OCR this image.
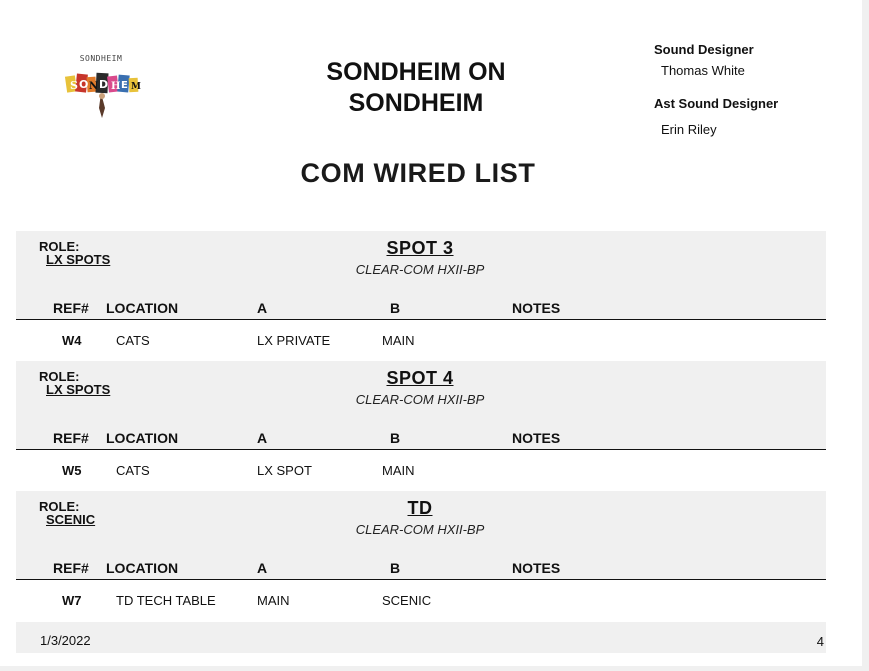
SONDHEIM
S O N D H E M
SONDHEIM ON
SONDHEIM
Sound Designer
Thomas White
Ast Sound Designer
Erin Riley
COM WIRED LIST
ROLE:
LX SPOTS
SPOT 3
CLEAR-COM HXII-BP
REF# LOCATION	A	B	NOTES
W4	CATS	LX PRIVATE	MAIN
ROLE:
LX SPOTS
SPOT 4
CLEAR-COM HXII-BP
REF# LOCATION	A	B	NOTES
W5	CATS	LX SPOT	MAIN
ROLE:
SCENIC
TD
CLEAR-COM HXII-BP
REF# LOCATION	A	B	NOTES
W7	TD TECH TABLE	MAIN	SCENIC
1/3/2022	4
